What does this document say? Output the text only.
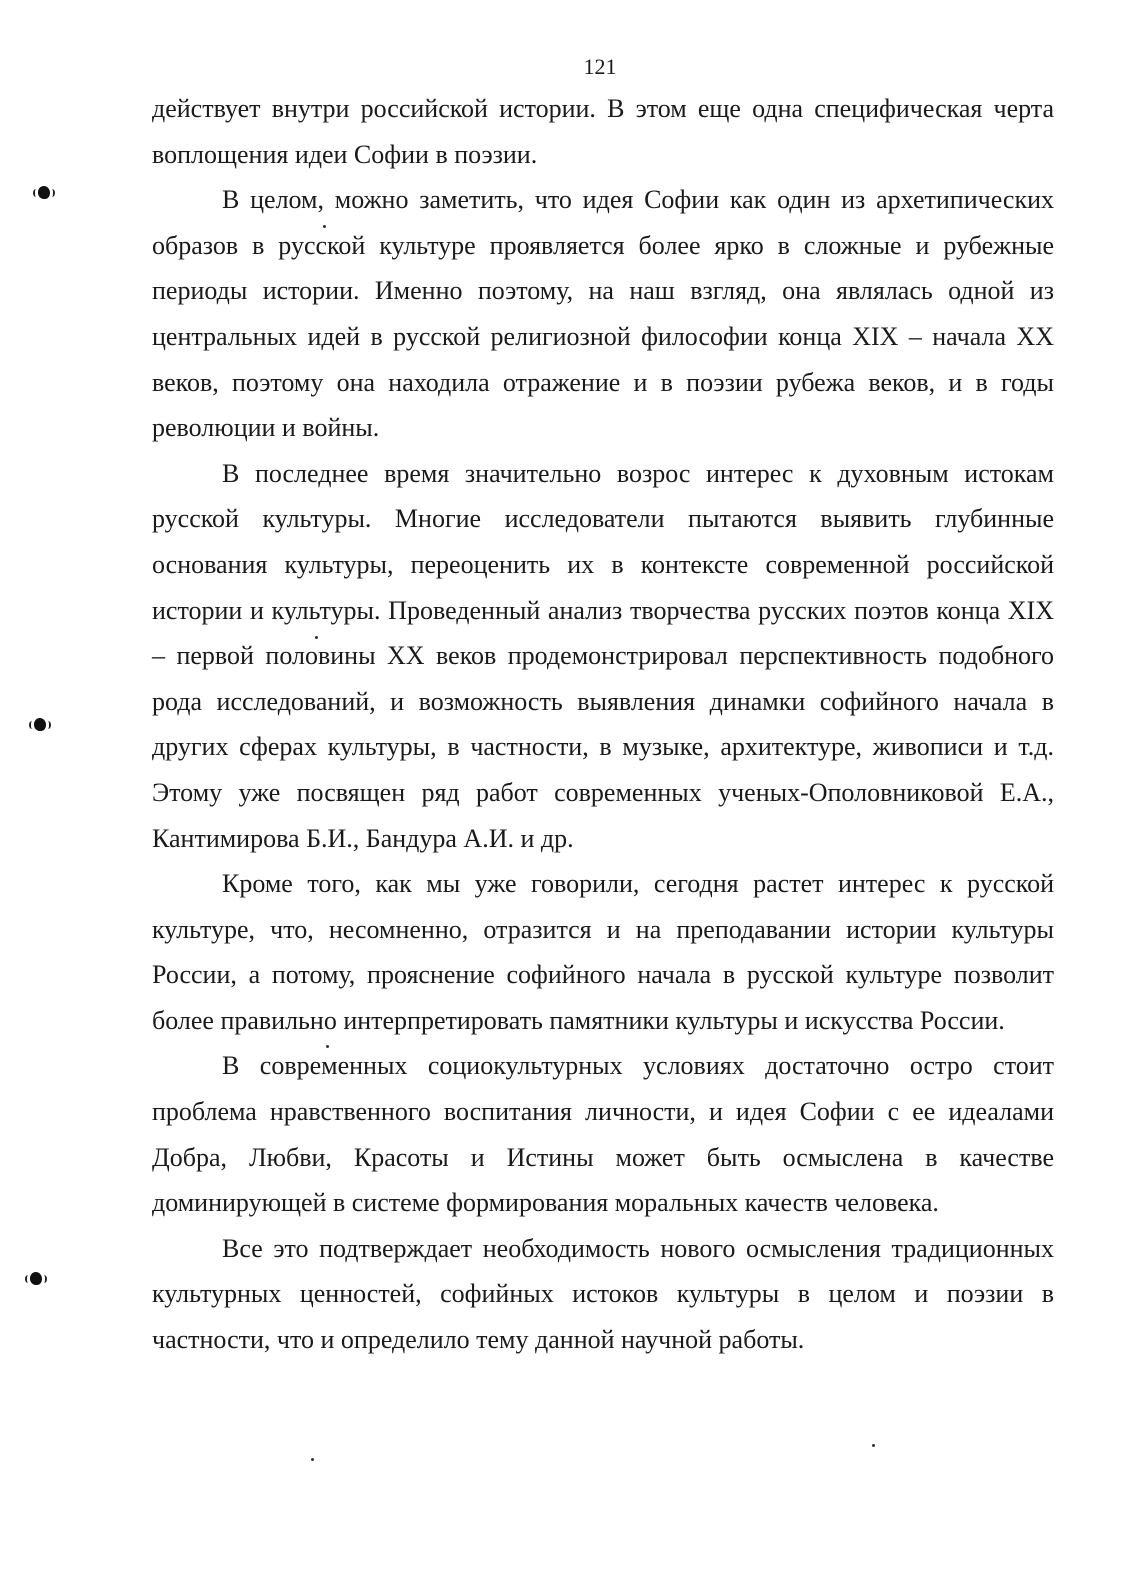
121

действует внутри российской истории. В этом еще одна специфическая черта воплощения идеи Софии в поэзии.

В целом, можно заметить, что идея Софии как один из архетипических образов в русской культуре проявляется более ярко в сложные и рубежные периоды истории. Именно поэтому, на наш взгляд, она являлась одной из центральных идей в русской религиозной философии конца XIX – начала XX веков, поэтому она находила отражение и в поэзии рубежа веков, и в годы революции и войны.

В последнее время значительно возрос интерес к духовным истокам русской культуры. Многие исследователи пытаются выявить глубинные основания культуры, переоценить их в контексте современной российской истории и культуры. Проведенный анализ творчества русских поэтов конца XIX – первой половины XX веков продемонстрировал перспективность подобного рода исследований, и возможность выявления динамки софийного начала в других сферах культуры, в частности, в музыке, архитектуре, живописи и т.д. Этому уже посвящен ряд работ современных ученых-Ополовниковой Е.А., Кантимирова Б.И., Бандура А.И. и др.

Кроме того, как мы уже говорили, сегодня растет интерес к русской культуре, что, несомненно, отразится и на преподавании истории культуры России, а потому, прояснение софийного начала в русской культуре позволит более правильно интерпретировать памятники культуры и искусства России.

В современных социокультурных условиях достаточно остро стоит проблема нравственного воспитания личности, и идея Софии с ее идеалами Добра, Любви, Красоты и Истины может быть осмыслена в качестве доминирующей в системе формирования моральных качеств человека.

Все это подтверждает необходимость нового осмысления традиционных культурных ценностей, софийных истоков культуры в целом и поэзии в частности, что и определило тему данной научной работы.
